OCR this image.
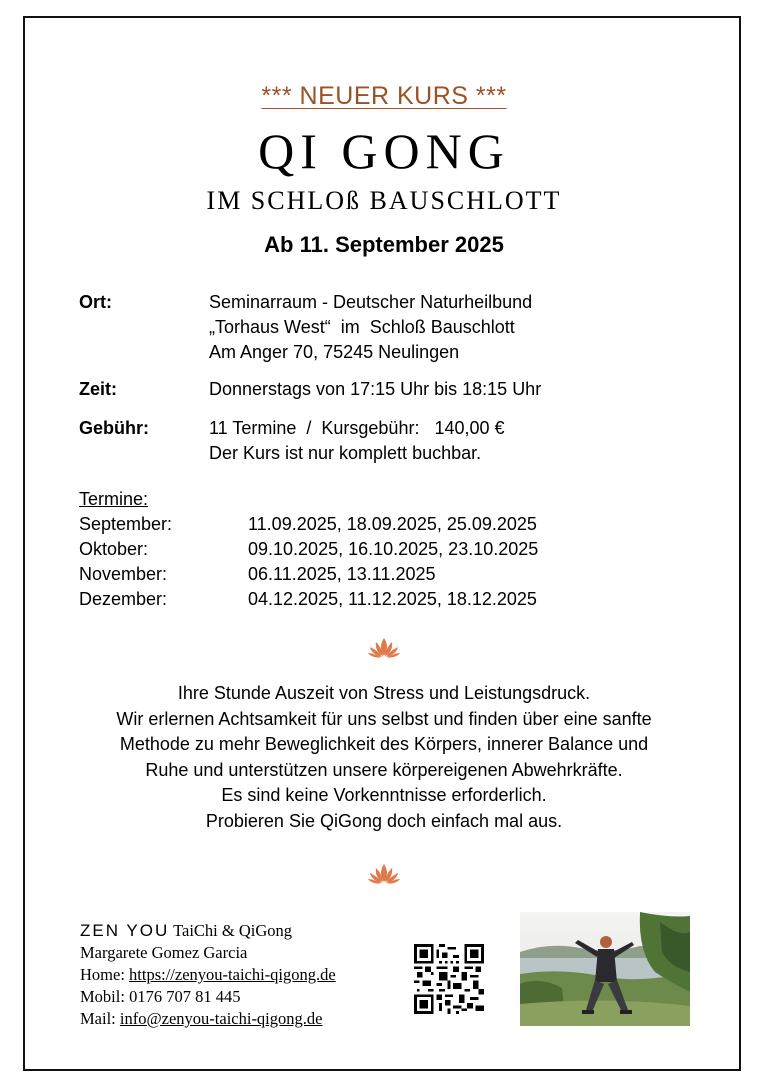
*** NEUER KURS ***
QI GONG
IM SCHLOß BAUSCHLOTT
Ab 11. September 2025
Ort:	Seminarraum - Deutscher Naturheilbund
„Torhaus West“  im  Schloß Bauschlott
Am Anger 70, 75245 Neulingen
Zeit:	Donnerstags von 17:15 Uhr bis 18:15 Uhr
Gebühr:	11 Termine  /  Kursgebühr:   140,00 €
Der Kurs ist nur komplett buchbar.
Termine:
September:	11.09.2025, 18.09.2025, 25.09.2025
Oktober:	09.10.2025, 16.10.2025, 23.10.2025
November:	06.11.2025, 13.11.2025
Dezember:	04.12.2025, 11.12.2025, 18.12.2025
Ihre Stunde Auszeit von Stress und Leistungsdruck.
Wir erlernen Achtsamkeit für uns selbst und finden über eine sanfte
Methode zu mehr Beweglichkeit des Körpers, innerer Balance und
Ruhe und unterstützen unsere körpereigenen Abwehrkräfte.
Es sind keine Vorkenntnisse erforderlich.
Probieren Sie QiGong doch einfach mal aus.
ZEN YOU TaiChi & QiGong
Margarete Gomez Garcia
Home: https://zenyou-taichi-qigong.de
Mobil: 0176 707 81 445
Mail: info@zenyou-taichi-qigong.de
